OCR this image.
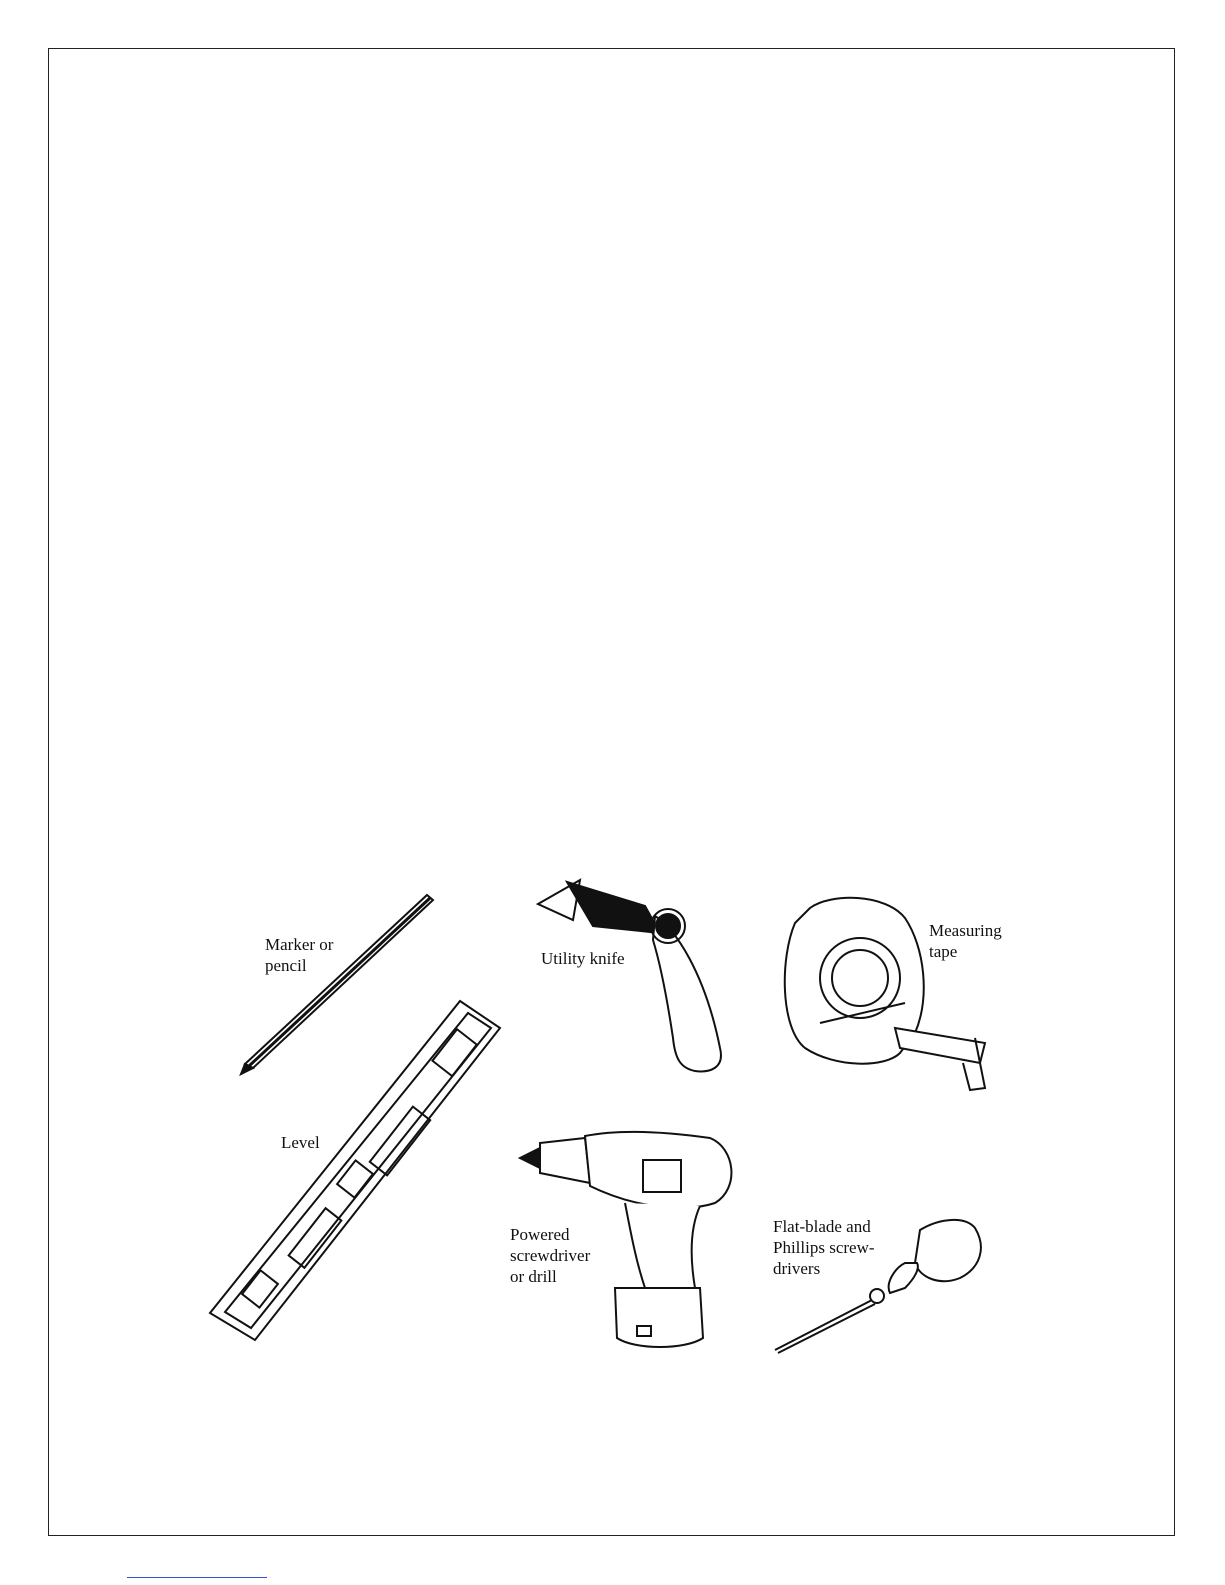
Marker or
pencil	Utility knife
Measuring
tape
Level
Powered
screwdriver
or drill
Flat-blade and
Phillips screw-
drivers
